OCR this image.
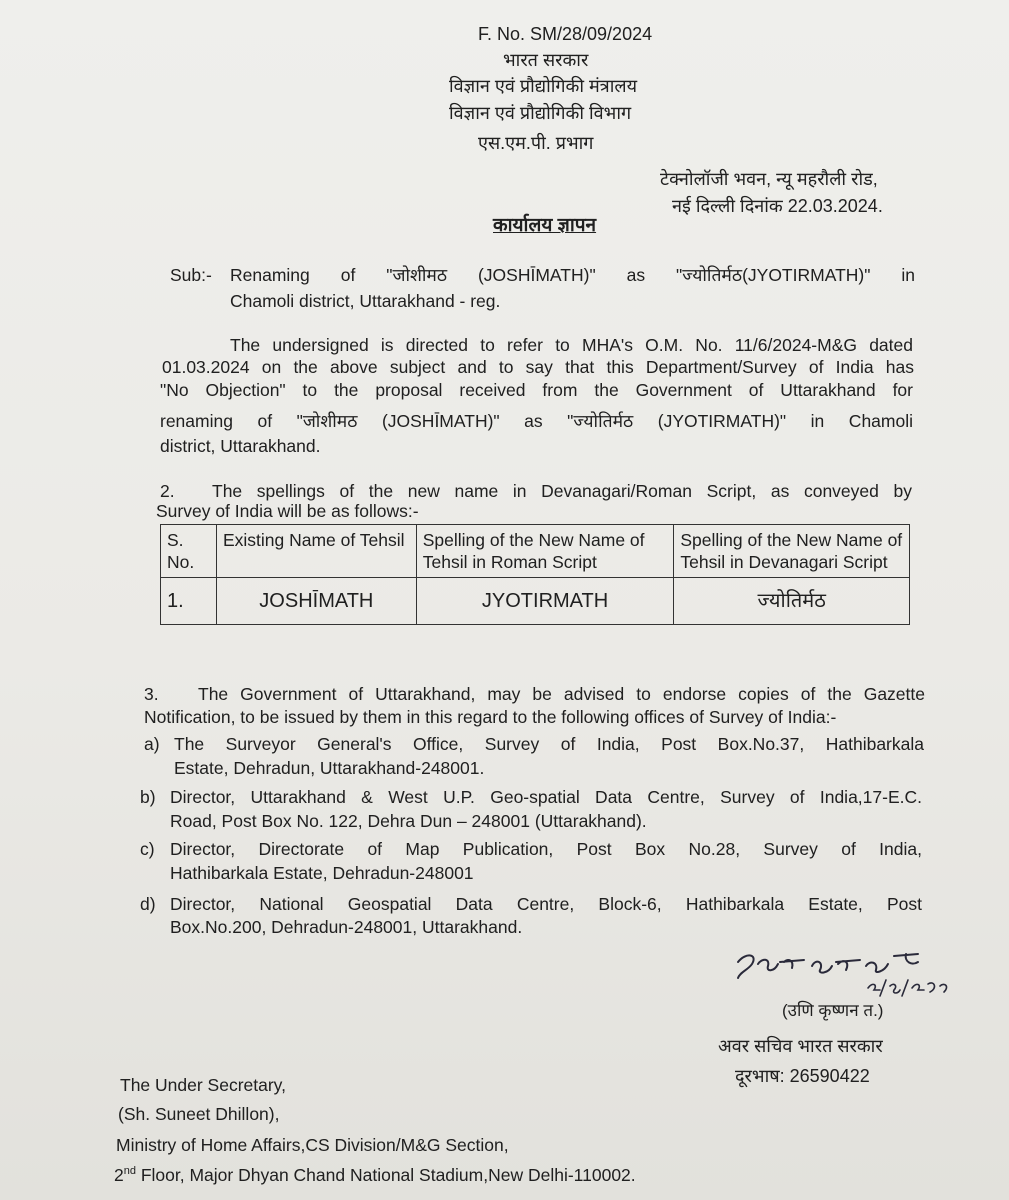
F. No. SM/28/09/2024
भारत सरकार
विज्ञान एवं प्रौद्योगिकी मंत्रालय
विज्ञान एवं प्रौद्योगिकी विभाग
एस.एम.पी. प्रभाग
टेक्नोलॉजी भवन, न्यू महरौली रोड,
नई दिल्ली दिनांक 22.03.2024.
कार्यालय ज्ञापन
Sub:- Renaming of "जोशीमठ (JOSHĪMATH)" as "ज्योतिर्मठ(JYOTIRMATH)" in
Chamoli district, Uttarakhand - reg.
The undersigned is directed to refer to MHA's O.M. No. 11/6/2024-M&G dated
01.03.2024 on the above subject and to say that this Department/Survey of India has
"No Objection" to the proposal received from the Government of Uttarakhand for
renaming of "जोशीमठ (JOSHĪMATH)" as "ज्योतिर्मठ (JYOTIRMATH)" in Chamoli
district, Uttarakhand.
2. The spellings of the new name in Devanagari/Roman Script, as conveyed by
Survey of India will be as follows:-
S. No.	Existing Name of Tehsil	Spelling of the New Name of Tehsil in Roman Script	Spelling of the New Name of Tehsil in Devanagari Script
1.	JOSHĪMATH	JYOTIRMATH	ज्योतिर्मठ
3. The Government of Uttarakhand, may be advised to endorse copies of the Gazette
Notification, to be issued by them in this regard to the following offices of Survey of India:-
a) The Surveyor General's Office, Survey of India, Post Box.No.37, Hathibarkala
Estate, Dehradun, Uttarakhand-248001.
b) Director, Uttarakhand & West U.P. Geo-spatial Data Centre, Survey of India,17-E.C.
Road, Post Box No. 122, Dehra Dun – 248001 (Uttarakhand).
c) Director, Directorate of Map Publication, Post Box No.28, Survey of India,
Hathibarkala Estate, Dehradun-248001
d) Director, National Geospatial Data Centre, Block-6, Hathibarkala Estate, Post
Box.No.200, Dehradun-248001, Uttarakhand.
(उणि कृष्णन त.)
अवर सचिव भारत सरकार
दूरभाष: 26590422
The Under Secretary,
(Sh. Suneet Dhillon),
Ministry of Home Affairs,CS Division/M&G Section,
2nd Floor, Major Dhyan Chand National Stadium,New Delhi-110002.
